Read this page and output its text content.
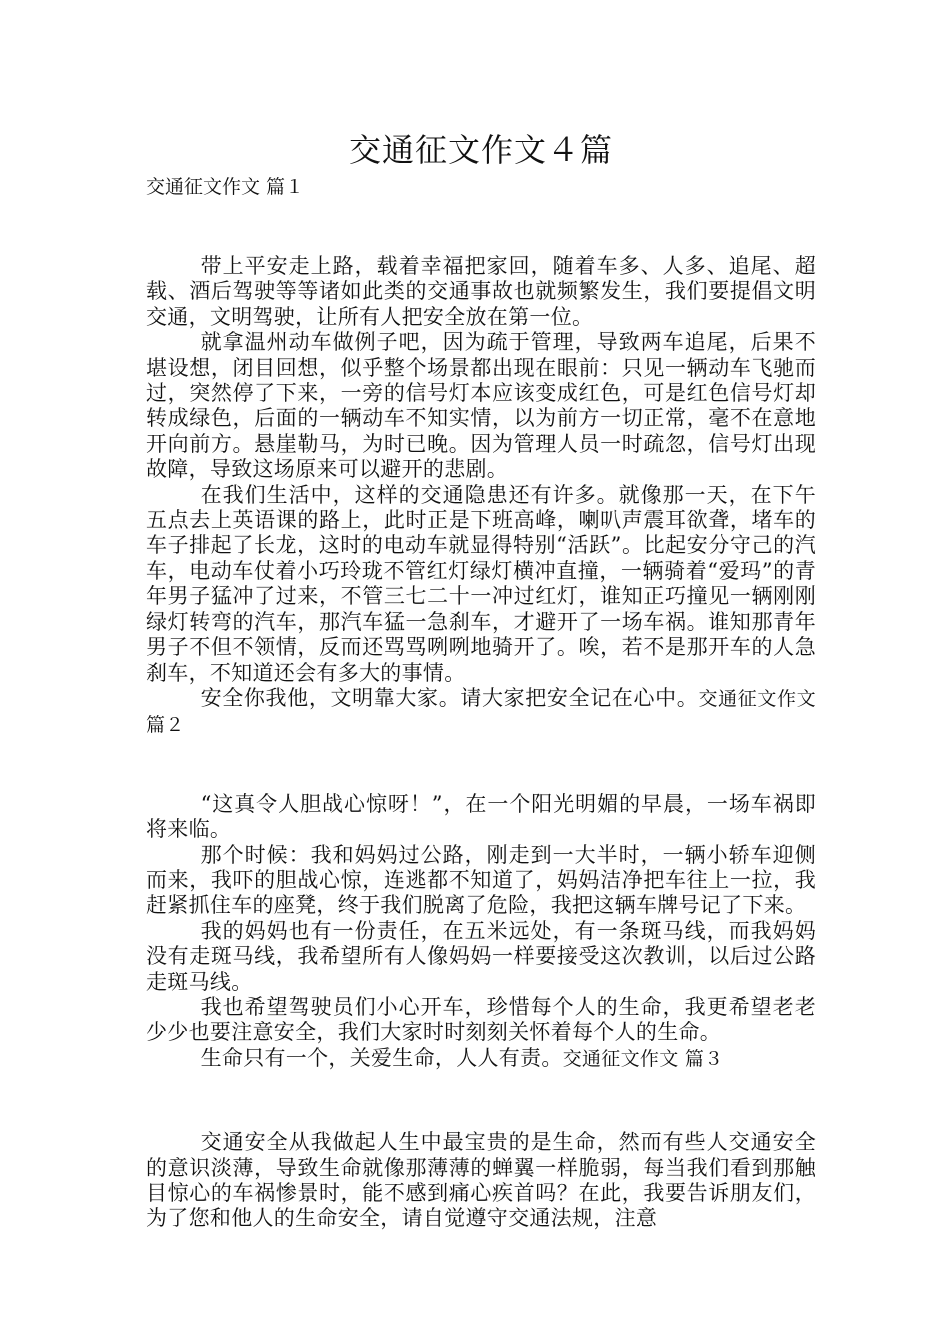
交通征文作文４篇

交通征文作文 篇１

带上平安走上路，载着幸福把家回，随着车多、人多、追尾、超载、酒后驾驶等等诸如此类的交通事故也就频繁发生，我们要提倡文明交通，文明驾驶，让所有人把安全放在第一位。

就拿温州动车做例子吧，因为疏于管理，导致两车追尾，后果不堪设想，闭目回想，似乎整个场景都出现在眼前：只见一辆动车飞驰而过，突然停了下来，一旁的信号灯本应该变成红色，可是红色信号灯却转成绿色，后面的一辆动车不知实情，以为前方一切正常，毫不在意地开向前方。悬崖勒马，为时已晚。因为管理人员一时疏忽，信号灯出现故障，导致这场原来可以避开的悲剧。

在我们生活中，这样的交通隐患还有许多。就像那一天，在下午五点去上英语课的路上，此时正是下班高峰，喇叭声震耳欲聋，堵车的车子排起了长龙，这时的电动车就显得特别“活跃”。比起安分守己的汽车，电动车仗着小巧玲珑不管红灯绿灯横冲直撞，一辆骑着“爱玛”的青年男子猛冲了过来，不管三七二十一冲过红灯，谁知正巧撞见一辆刚刚绿灯转弯的汽车，那汽车猛一急刹车，才避开了一场车祸。谁知那青年男子不但不领情，反而还骂骂咧咧地骑开了。唉，若不是那开车的人急刹车，不知道还会有多大的事情。

安全你我他，文明靠大家。请大家把安全记在心中。交通征文作文 篇２

“这真令人胆战心惊呀！”，在一个阳光明媚的早晨，一场车祸即将来临。

那个时候：我和妈妈过公路，刚走到一大半时，一辆小轿车迎侧而来，我吓的胆战心惊，连逃都不知道了，妈妈洁净把车往上一拉，我赶紧抓住车的座凳，终于我们脱离了危险，我把这辆车牌号记了下来。

我的妈妈也有一份责任，在五米远处，有一条斑马线，而我妈妈没有走斑马线，我希望所有人像妈妈一样要接受这次教训，以后过公路走斑马线。

我也希望驾驶员们小心开车，珍惜每个人的生命，我更希望老老少少也要注意安全，我们大家时时刻刻关怀着每个人的生命。

生命只有一个，关爱生命，人人有责。交通征文作文 篇３

交通安全从我做起人生中最宝贵的是生命，然而有些人交通安全的意识淡薄，导致生命就像那薄薄的蝉翼一样脆弱，每当我们看到那触目惊心的车祸惨景时，能不感到痛心疾首吗？在此，我要告诉朋友们，为了您和他人的生命安全，请自觉遵守交通法规，注意
